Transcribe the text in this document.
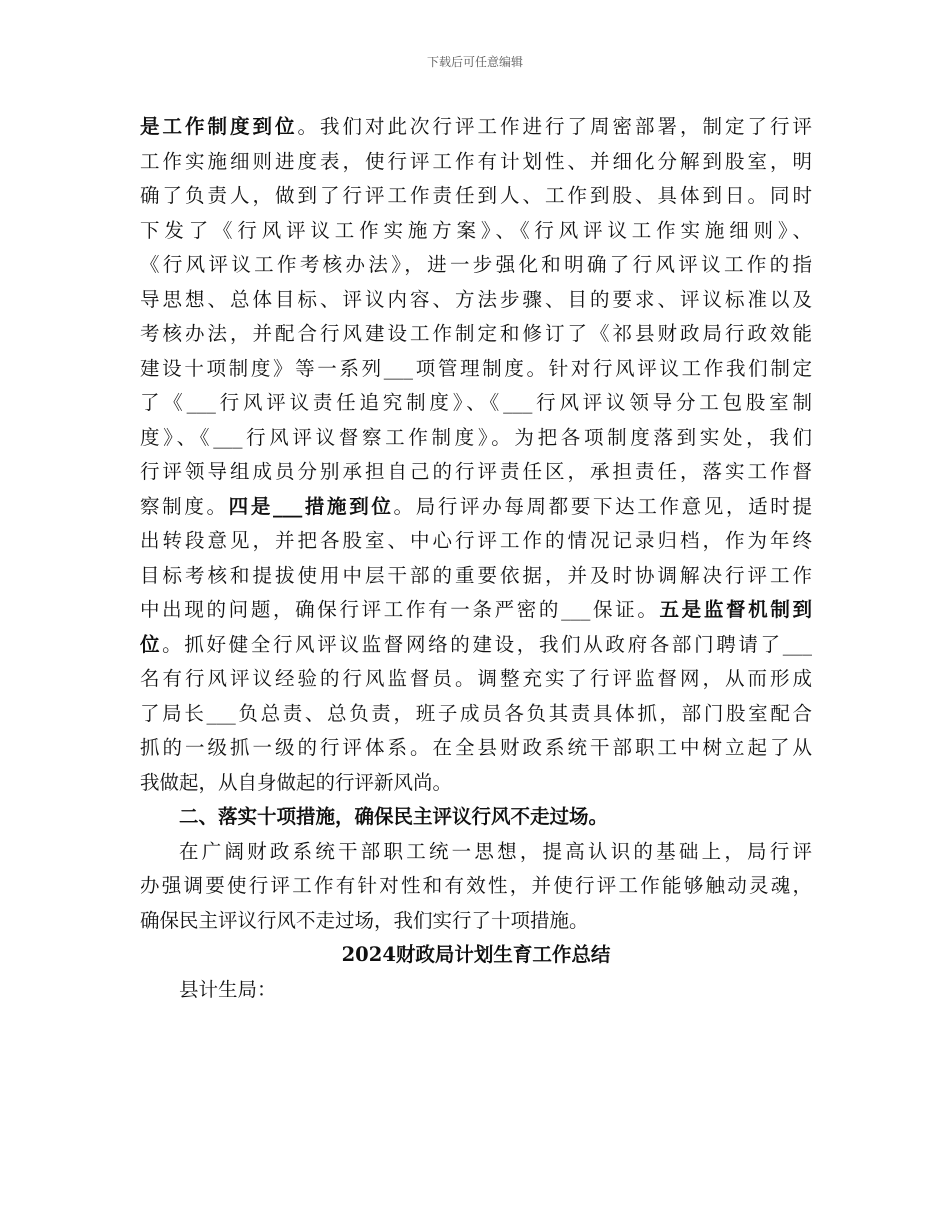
下载后可任意编辑
是工作制度到位。我们对此次行评工作进行了周密部署，制定了行评
工作实施细则进度表，使行评工作有计划性、并细化分解到股室，明
确了负责人，做到了行评工作责任到人、工作到股、具体到日。同时
下发了《行风评议工作实施方案》、《行风评议工作实施细则》、
《行风评议工作考核办法》，进一步强化和明确了行风评议工作的指
导思想、总体目标、评议内容、方法步骤、目的要求、评议标准以及
考核办法，并配合行风建设工作制定和修订了《祁县财政局行政效能
建设十项制度》等一系列___项管理制度。针对行风评议工作我们制定
了《___行风评议责任追究制度》、《___行风评议领导分工包股室制
度》、《___行风评议督察工作制度》。为把各项制度落到实处，我们
行评领导组成员分别承担自己的行评责任区，承担责任，落实工作督
察制度。四是___措施到位。局行评办每周都要下达工作意见，适时提
出转段意见，并把各股室、中心行评工作的情况记录归档，作为年终
目标考核和提拔使用中层干部的重要依据，并及时协调解决行评工作
中出现的问题，确保行评工作有一条严密的___保证。五是监督机制到
位。抓好健全行风评议监督网络的建设，我们从政府各部门聘请了___
名有行风评议经验的行风监督员。调整充实了行评监督网，从而形成
了局长___负总责、总负责，班子成员各负其责具体抓，部门股室配合
抓的一级抓一级的行评体系。在全县财政系统干部职工中树立起了从
我做起，从自身做起的行评新风尚。
二、落实十项措施，确保民主评议行风不走过场。
在广阔财政系统干部职工统一思想，提高认识的基础上，局行评
办强调要使行评工作有针对性和有效性，并使行评工作能够触动灵魂，
确保民主评议行风不走过场，我们实行了十项措施。
2024财政局计划生育工作总结
县计生局：
